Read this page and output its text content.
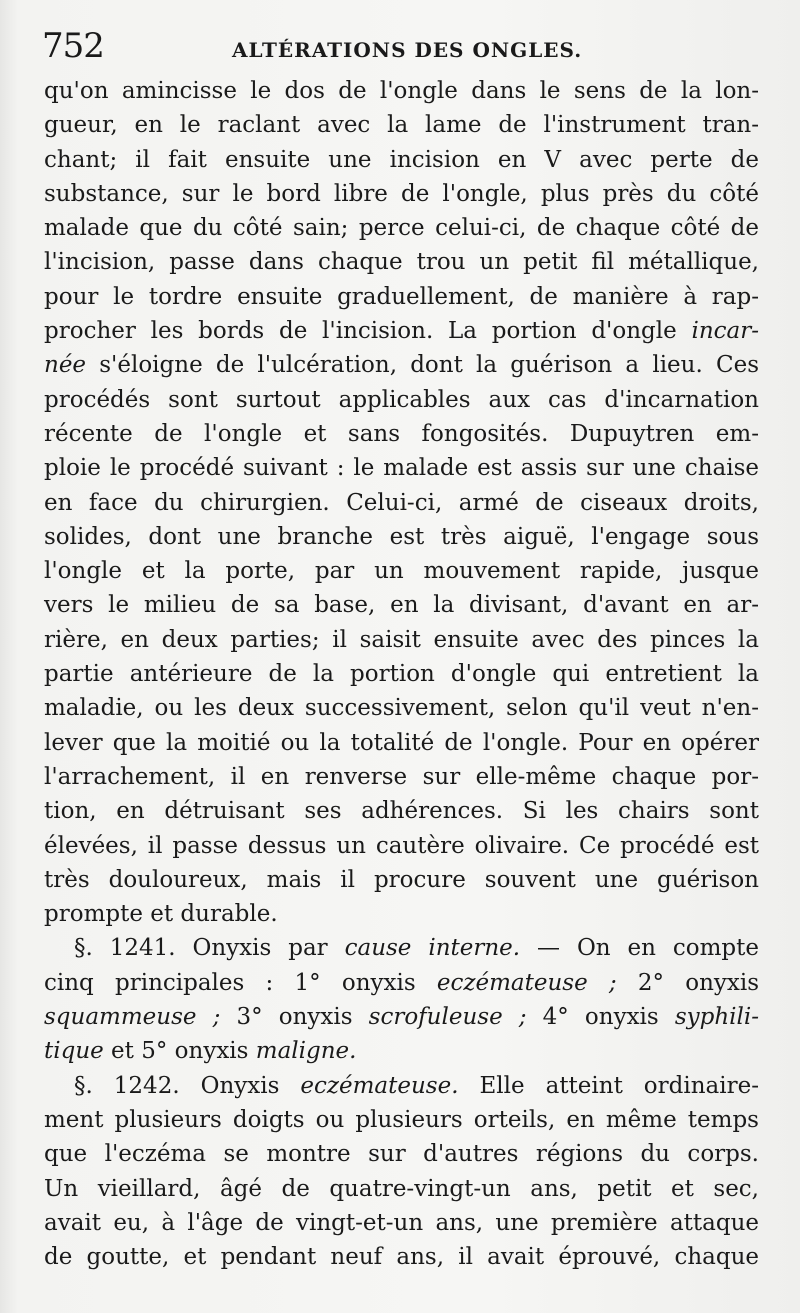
752	ALTÉRATIONS DES ONGLES.
qu'on amincisse le dos de l'ongle dans le sens de la lon-
gueur, en le raclant avec la lame de l'instrument tran-
chant; il fait ensuite une incision en V avec perte de
substance, sur le bord libre de l'ongle, plus près du côté
malade que du côté sain; perce celui-ci, de chaque côté de
l'incision, passe dans chaque trou un petit fil métallique,
pour le tordre ensuite graduellement, de manière à rap-
procher les bords de l'incision. La portion d'ongle incar-
née s'éloigne de l'ulcération, dont la guérison a lieu. Ces
procédés sont surtout applicables aux cas d'incarnation
récente de l'ongle et sans fongosités. Dupuytren em-
ploie le procédé suivant : le malade est assis sur une chaise
en face du chirurgien. Celui-ci, armé de ciseaux droits,
solides, dont une branche est très aiguë, l'engage sous
l'ongle et la porte, par un mouvement rapide, jusque
vers le milieu de sa base, en la divisant, d'avant en ar-
rière, en deux parties; il saisit ensuite avec des pinces la
partie antérieure de la portion d'ongle qui entretient la
maladie, ou les deux successivement, selon qu'il veut n'en-
lever que la moitié ou la totalité de l'ongle. Pour en opérer
l'arrachement, il en renverse sur elle-même chaque por-
tion, en détruisant ses adhérences. Si les chairs sont
élevées, il passe dessus un cautère olivaire. Ce procédé est
très douloureux, mais il procure souvent une guérison
prompte et durable.
§. 1241. Onyxis par cause interne. — On en compte
cinq principales : 1° onyxis eczémateuse ; 2° onyxis
squammeuse ; 3° onyxis scrofuleuse ; 4° onyxis syphili-
tique et 5° onyxis maligne.
§. 1242. Onyxis eczémateuse. Elle atteint ordinaire-
ment plusieurs doigts ou plusieurs orteils, en même temps
que l'eczéma se montre sur d'autres régions du corps.
Un vieillard, âgé de quatre-vingt-un ans, petit et sec,
avait eu, à l'âge de vingt-et-un ans, une première attaque
de goutte, et pendant neuf ans, il avait éprouvé, chaque
